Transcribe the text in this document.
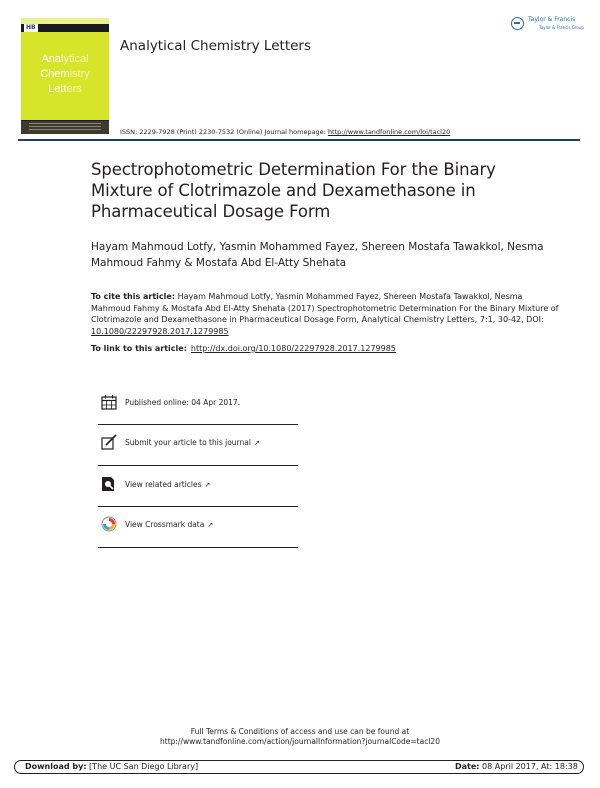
HB
Analytical
Chemistry
Letters
Analytical Chemistry Letters
Taylor & Francis
Taylor & Francis Group
ISSN: 2229-7928 (Print) 2230-7532 (Online) Journal homepage: http://www.tandfonline.com/loi/tacl20
Spectrophotometric Determination For the Binary Mixture of Clotrimazole and Dexamethasone in Pharmaceutical Dosage Form
Hayam Mahmoud Lotfy, Yasmin Mohammed Fayez, Shereen Mostafa Tawakkol, Nesma Mahmoud Fahmy & Mostafa Abd El-Atty Shehata
To cite this article: Hayam Mahmoud Lotfy, Yasmin Mohammed Fayez, Shereen Mostafa Tawakkol, Nesma Mahmoud Fahmy & Mostafa Abd El-Atty Shehata (2017) Spectrophotometric Determination For the Binary Mixture of Clotrimazole and Dexamethasone in Pharmaceutical Dosage Form, Analytical Chemistry Letters, 7:1, 30-42, DOI: 10.1080/22297928.2017.1279985
To link to this article: http://dx.doi.org/10.1080/22297928.2017.1279985
Published online: 04 Apr 2017.
Submit your article to this journal ↗
View related articles ↗
View Crossmark data ↗
Full Terms & Conditions of access and use can be found at
http://www.tandfonline.com/action/journalInformation?journalCode=tacl20
Download by: [The UC San Diego Library]	Date: 08 April 2017, At: 18:38
